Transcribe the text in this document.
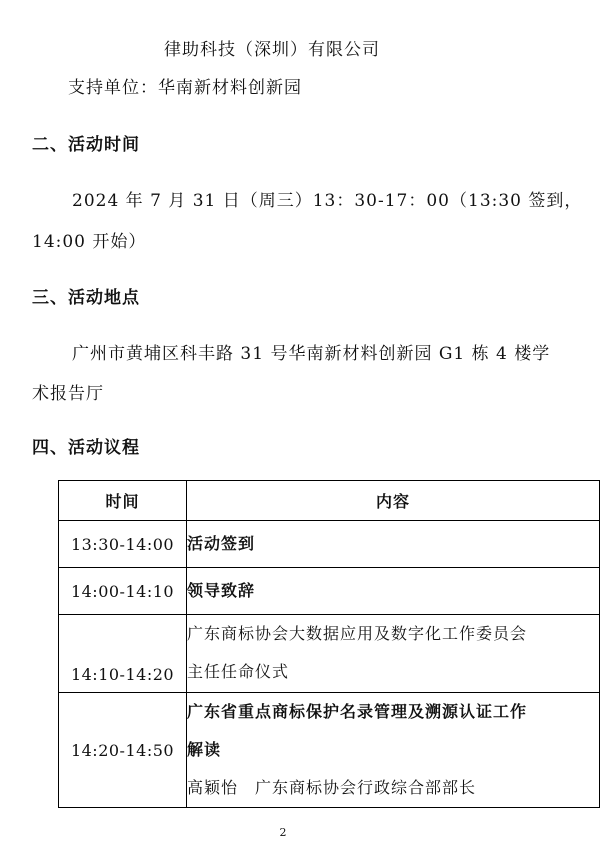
律助科技（深圳）有限公司
支持单位：华南新材料创新园
二、活动时间
2024 年 7 月 31 日（周三）13：30-17：00（13:30 签到，
14:00 开始）
三、活动地点
广州市黄埔区科丰路 31 号华南新材料创新园 G1 栋 4 楼学
术报告厅
四、活动议程
时间	内容
13:30-14:00	活动签到

14:00-14:10	领导致辞

14:10-14:20	广东商标协会大数据应用及数字化工作委员会
主任任命仪式

14:20-14:50	广东省重点商标保护名录管理及溯源认证工作
解读
高颖怡　广东商标协会行政综合部部长
2
